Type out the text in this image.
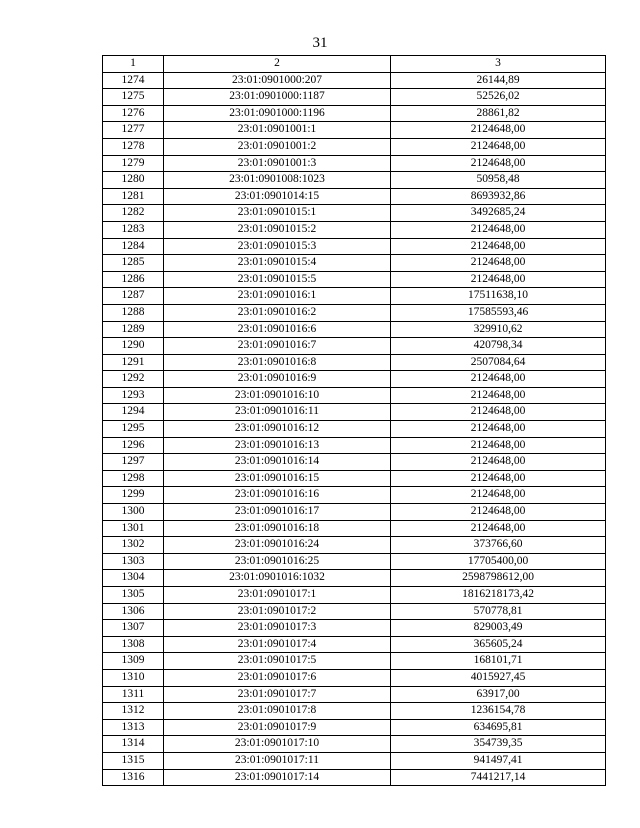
31
1	2	3
1274	23:01:0901000:207	26144,89
1275	23:01:0901000:1187	52526,02
1276	23:01:0901000:1196	28861,82
1277	23:01:0901001:1	2124648,00
1278	23:01:0901001:2	2124648,00
1279	23:01:0901001:3	2124648,00
1280	23:01:0901008:1023	50958,48
1281	23:01:0901014:15	8693932,86
1282	23:01:0901015:1	3492685,24
1283	23:01:0901015:2	2124648,00
1284	23:01:0901015:3	2124648,00
1285	23:01:0901015:4	2124648,00
1286	23:01:0901015:5	2124648,00
1287	23:01:0901016:1	17511638,10
1288	23:01:0901016:2	17585593,46
1289	23:01:0901016:6	329910,62
1290	23:01:0901016:7	420798,34
1291	23:01:0901016:8	2507084,64
1292	23:01:0901016:9	2124648,00
1293	23:01:0901016:10	2124648,00
1294	23:01:0901016:11	2124648,00
1295	23:01:0901016:12	2124648,00
1296	23:01:0901016:13	2124648,00
1297	23:01:0901016:14	2124648,00
1298	23:01:0901016:15	2124648,00
1299	23:01:0901016:16	2124648,00
1300	23:01:0901016:17	2124648,00
1301	23:01:0901016:18	2124648,00
1302	23:01:0901016:24	373766,60
1303	23:01:0901016:25	17705400,00
1304	23:01:0901016:1032	2598798612,00
1305	23:01:0901017:1	1816218173,42
1306	23:01:0901017:2	570778,81
1307	23:01:0901017:3	829003,49
1308	23:01:0901017:4	365605,24
1309	23:01:0901017:5	168101,71
1310	23:01:0901017:6	4015927,45
1311	23:01:0901017:7	63917,00
1312	23:01:0901017:8	1236154,78
1313	23:01:0901017:9	634695,81
1314	23:01:0901017:10	354739,35
1315	23:01:0901017:11	941497,41
1316	23:01:0901017:14	7441217,14
